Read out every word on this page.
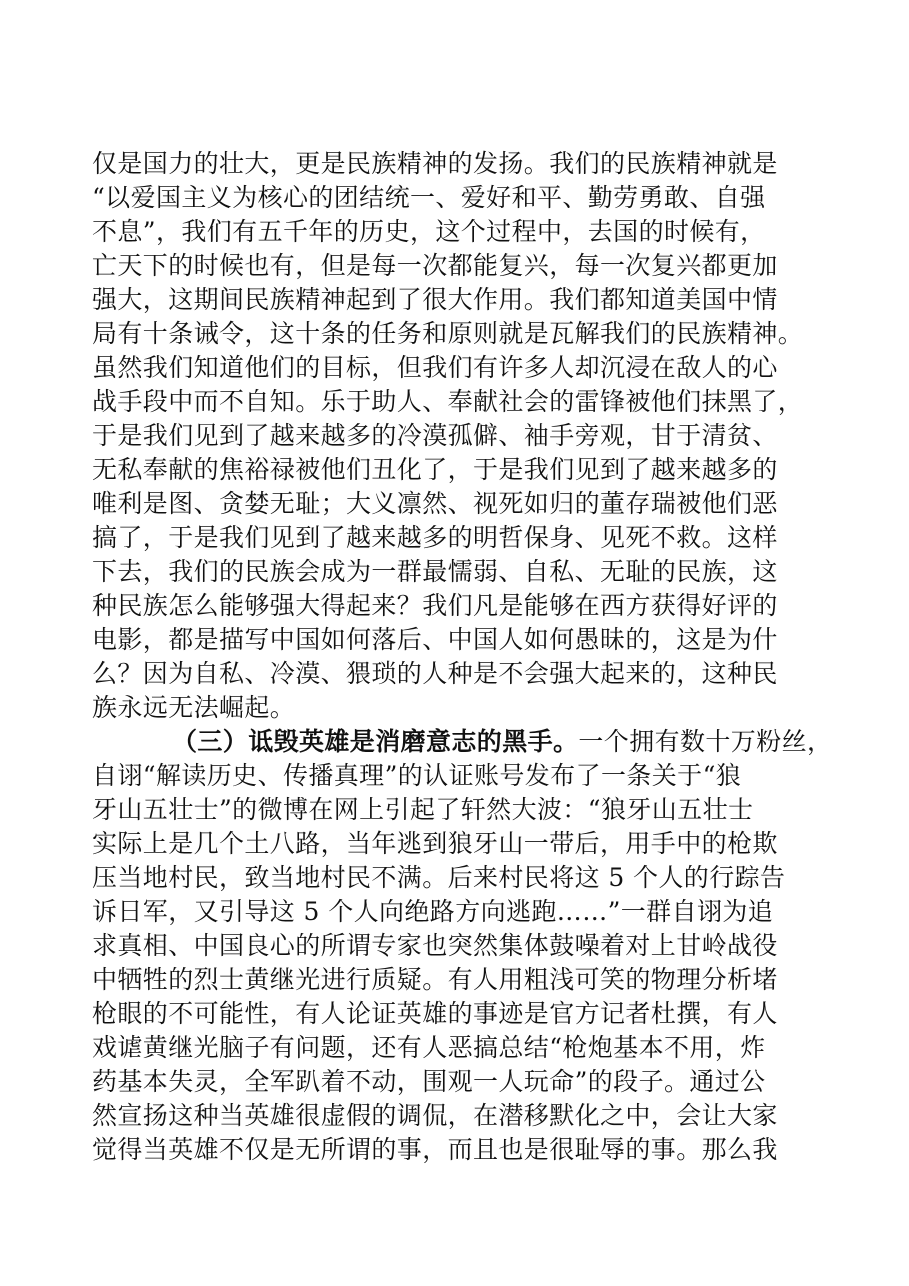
仅是国力的壮大，更是民族精神的发扬。我们的民族精神就是
“以爱国主义为核心的团结统一、爱好和平、勤劳勇敢、自强
不息”，我们有五千年的历史，这个过程中，去国的时候有，
亡天下的时候也有，但是每一次都能复兴，每一次复兴都更加
强大，这期间民族精神起到了很大作用。我们都知道美国中情
局有十条诫令，这十条的任务和原则就是瓦解我们的民族精神。
虽然我们知道他们的目标，但我们有许多人却沉浸在敌人的心
战手段中而不自知。乐于助人、奉献社会的雷锋被他们抹黑了，
于是我们见到了越来越多的冷漠孤僻、袖手旁观，甘于清贫、
无私奉献的焦裕禄被他们丑化了，于是我们见到了越来越多的
唯利是图、贪婪无耻；大义凛然、视死如归的董存瑞被他们恶
搞了，于是我们见到了越来越多的明哲保身、见死不救。这样
下去，我们的民族会成为一群最懦弱、自私、无耻的民族，这
种民族怎么能够强大得起来？我们凡是能够在西方获得好评的
电影，都是描写中国如何落后、中国人如何愚昧的，这是为什
么？因为自私、冷漠、猥琐的人种是不会强大起来的，这种民
族永远无法崛起。
（三）诋毁英雄是消磨意志的黑手。一个拥有数十万粉丝，
自诩“解读历史、传播真理”的认证账号发布了一条关于“狼
牙山五壮士”的微博在网上引起了轩然大波：“狼牙山五壮士
实际上是几个土八路，当年逃到狼牙山一带后，用手中的枪欺
压当地村民，致当地村民不满。后来村民将这 5 个人的行踪告
诉日军，又引导这 5 个人向绝路方向逃跑……”一群自诩为追
求真相、中国良心的所谓专家也突然集体鼓噪着对上甘岭战役
中牺牲的烈士黄继光进行质疑。有人用粗浅可笑的物理分析堵
枪眼的不可能性，有人论证英雄的事迹是官方记者杜撰，有人
戏谑黄继光脑子有问题，还有人恶搞总结“枪炮基本不用，炸
药基本失灵，全军趴着不动，围观一人玩命”的段子。通过公
然宣扬这种当英雄很虚假的调侃，在潜移默化之中，会让大家
觉得当英雄不仅是无所谓的事，而且也是很耻辱的事。那么我
